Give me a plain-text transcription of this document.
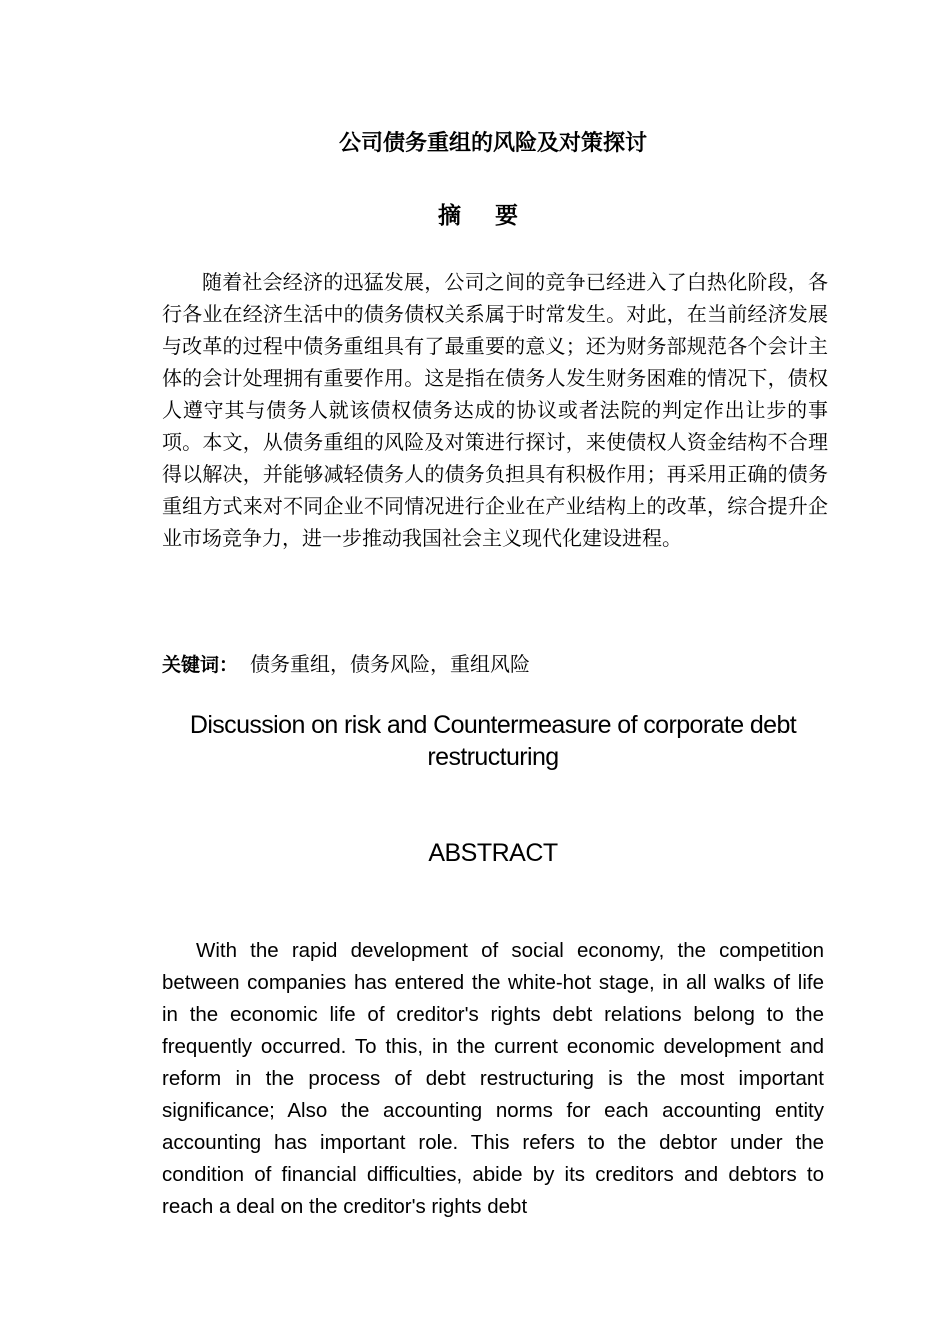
公司债务重组的风险及对策探讨
摘要

随着社会经济的迅猛发展，公司之间的竞争已经进入了白热化阶段，各行各业在经济生活中的债务债权关系属于时常发生。对此，在当前经济发展与改革的过程中债务重组具有了最重要的意义；还为财务部规范各个会计主体的会计处理拥有重要作用。这是指在债务人发生财务困难的情况下，债权人遵守其与债务人就该债权债务达成的协议或者法院的判定作出让步的事项。本文，从债务重组的风险及对策进行探讨，来使债权人资金结构不合理得以解决，并能够减轻债务人的债务负担具有积极作用；再采用正确的债务重组方式来对不同企业不同情况进行企业在产业结构上的改革，综合提升企业市场竞争力，进一步推动我国社会主义现代化建设进程。

关键词： 债务重组，债务风险，重组风险
Discussion on risk and Countermeasure of corporate debt restructuring
ABSTRACT

With the rapid development of social economy, the competition between companies has entered the white-hot stage, in all walks of life in the economic life of creditor's rights debt relations belong to the frequently occurred. To this, in the current economic development and reform in the process of debt restructuring is the most important significance; Also the accounting norms for each accounting entity accounting has important role. This refers to the debtor under the condition of financial difficulties, abide by its creditors and debtors to reach a deal on the creditor's rights debt
